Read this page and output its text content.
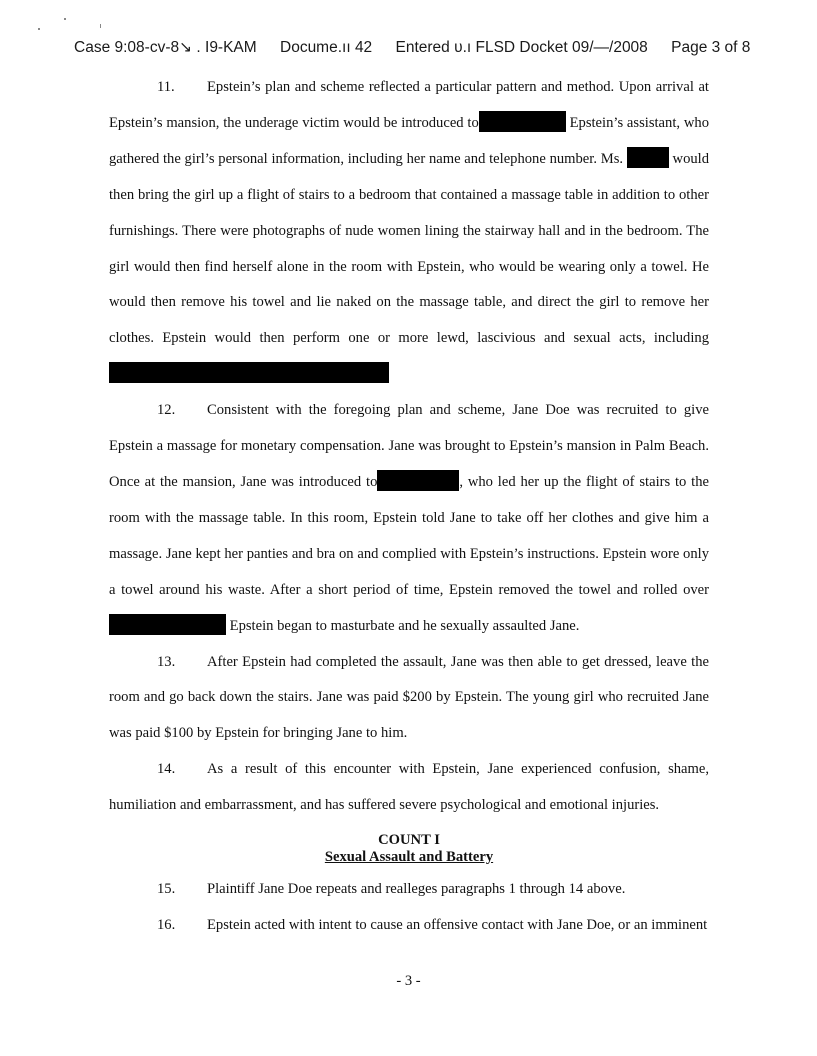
Case 9:08-cv-8↘ . I9-KAM Documе.ıı 42 Entered υ.ı FLSD Docket 09/—/2008 Page 3 of 8

11. Epstein’s plan and scheme reflected a particular pattern and method. Upon arrival at Epstein’s mansion, the underage victim would be introduced to	Epstein’s assistant, who gathered the girl’s personal information, including her name and telephone number. Ms.	would then bring the girl up a flight of stairs to a bedroom that contained a massage table in addition to other furnishings. There were photographs of nude women lining the stairway hall and in the bedroom. The girl would then find herself alone in the room with Epstein, who would be wearing only a towel. He would then remove his towel and lie naked on the massage table, and direct the girl to remove her clothes. Epstein would then perform one or more lewd, lascivious and sexual acts, including

12. Consistent with the foregoing plan and scheme, Jane Doe was recruited to give Epstein a massage for monetary compensation. Jane was brought to Epstein’s mansion in Palm Beach. Once at the mansion, Jane was introduced to	, who led her up the flight of stairs to the room with the massage table. In this room, Epstein told Jane to take off her clothes and give him a massage. Jane kept her panties and bra on and complied with Epstein’s instructions. Epstein wore only a towel around his waste. After a short period of time, Epstein removed the towel and rolled over  Epstein began to masturbate and he sexually assaulted Jane.

13. After Epstein had completed the assault, Jane was then able to get dressed, leave the room and go back down the stairs. Jane was paid $200 by Epstein. The young girl who recruited Jane was paid $100 by Epstein for bringing Jane to him.

14. As a result of this encounter with Epstein, Jane experienced confusion, shame, humiliation and embarrassment, and has suffered severe psychological and emotional injuries.

COUNT I
Sexual Assault and Battery

15. Plaintiff Jane Doe repeats and realleges paragraphs 1 through 14 above.

16. Epstein acted with intent to cause an offensive contact with Jane Doe, or an imminent

- 3 -
